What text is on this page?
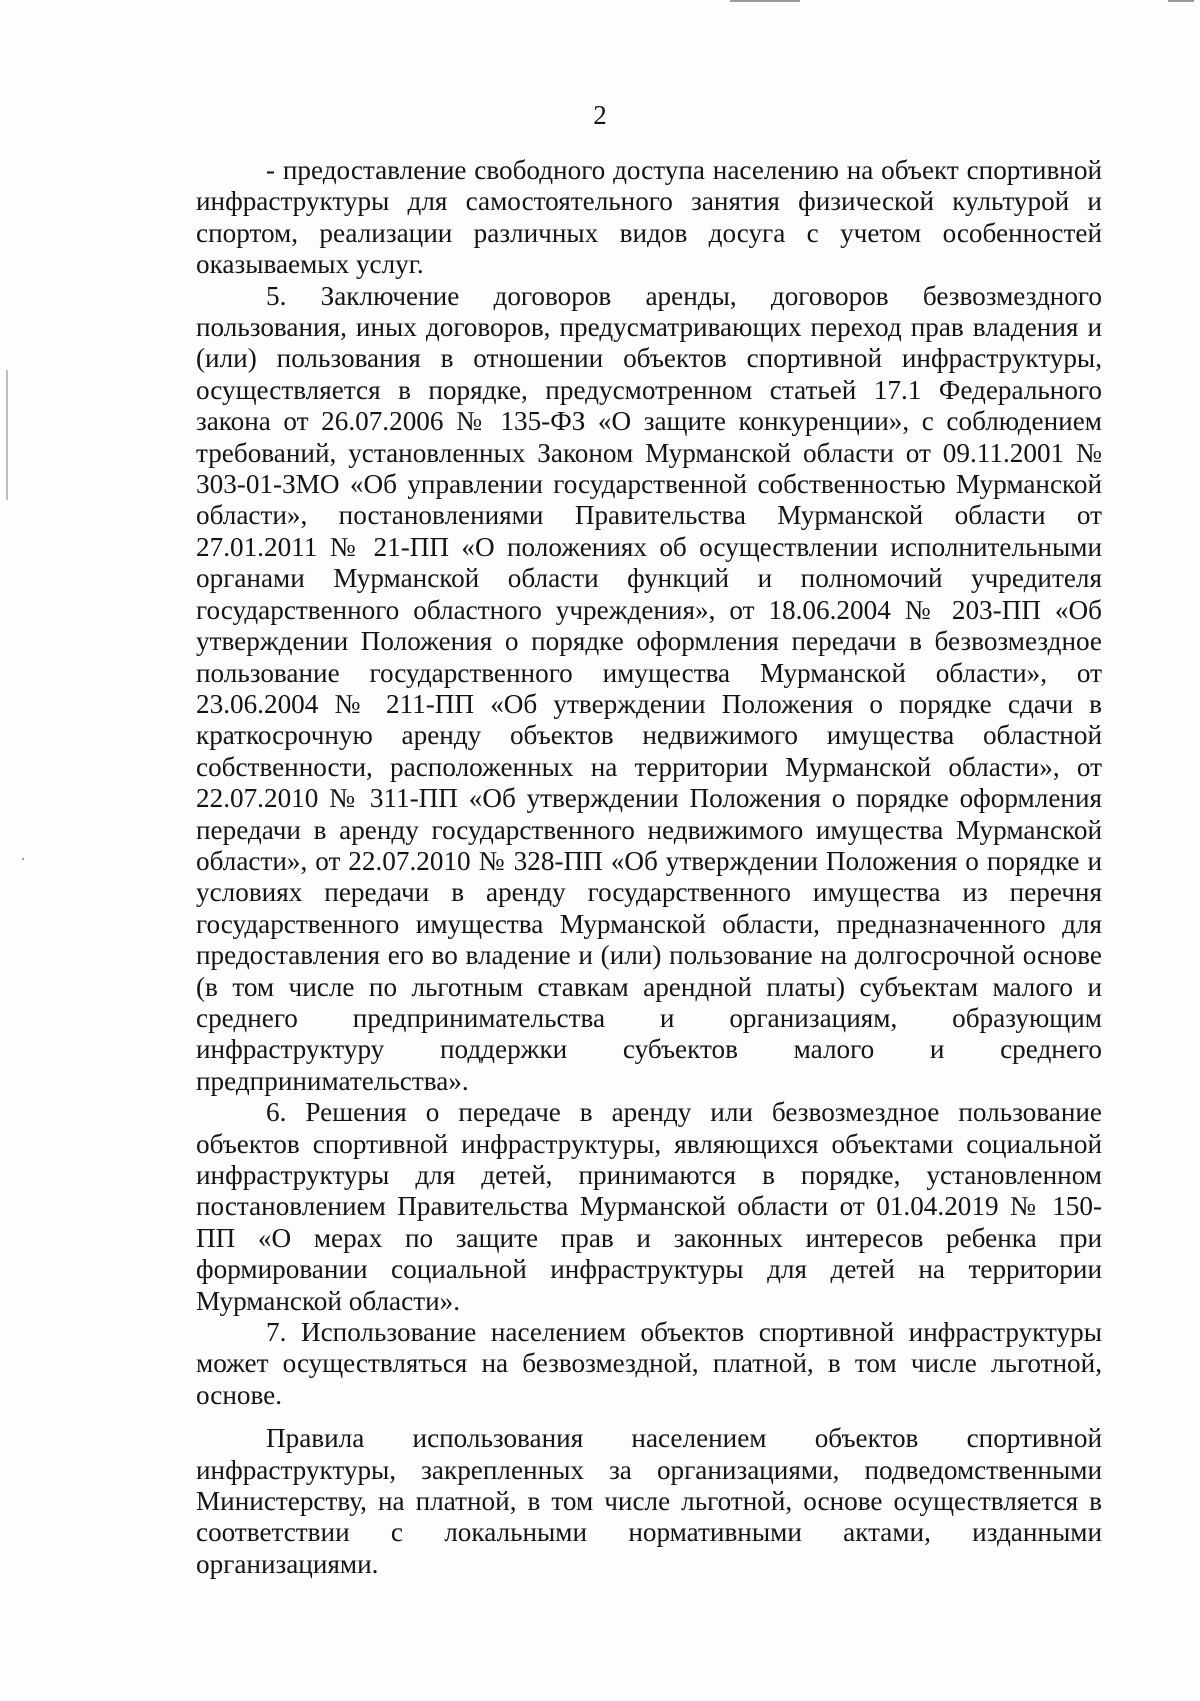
2

- предоставление свободного доступа населению на объект спортивной инфраструктуры для самостоятельного занятия физической культурой и спортом, реализации различных видов досуга с учетом особенностей оказываемых услуг.

5. Заключение договоров аренды, договоров безвозмездного пользования, иных договоров, предусматривающих переход прав владения и (или) пользования в отношении объектов спортивной инфраструктуры, осуществляется в порядке, предусмотренном статьей 17.1 Федерального закона от 26.07.2006 № 135-ФЗ «О защите конкуренции», с соблюдением требований, установленных Законом Мурманской области от 09.11.2001 № 303-01-ЗМО «Об управлении государственной собственностью Мурманской области», постановлениями Правительства Мурманской области от 27.01.2011 № 21-ПП «О положениях об осуществлении исполнительными органами Мурманской области функций и полномочий учредителя государственного областного учреждения», от 18.06.2004 № 203-ПП «Об утверждении Положения о порядке оформления передачи в безвозмездное пользование государственного имущества Мурманской области», от 23.06.2004 № 211-ПП «Об утверждении Положения о порядке сдачи в краткосрочную аренду объектов недвижимого имущества областной собственности, расположенных на территории Мурманской области», от 22.07.2010 № 311-ПП «Об утверждении Положения о порядке оформления передачи в аренду государственного недвижимого имущества Мурманской области», от 22.07.2010 № 328-ПП «Об утверждении Положения о порядке и условиях передачи в аренду государственного имущества из перечня государственного имущества Мурманской области, предназначенного для предоставления его во владение и (или) пользование на долгосрочной основе (в том числе по льготным ставкам арендной платы) субъектам малого и среднего предпринимательства и организациям, образующим инфраструктуру поддержки субъектов малого и среднего предпринимательства».

6. Решения о передаче в аренду или безвозмездное пользование объектов спортивной инфраструктуры, являющихся объектами социальной инфраструктуры для детей, принимаются в порядке, установленном постановлением Правительства Мурманской области от 01.04.2019 № 150-ПП «О мерах по защите прав и законных интересов ребенка при формировании социальной инфраструктуры для детей на территории Мурманской области».

7. Использование населением объектов спортивной инфраструктуры может осуществляться на безвозмездной, платной, в том числе льготной, основе.

Правила использования населением объектов спортивной инфраструктуры, закрепленных за организациями, подведомственными Министерству, на платной, в том числе льготной, основе осуществляется в соответствии с локальными нормативными актами, изданными организациями.
